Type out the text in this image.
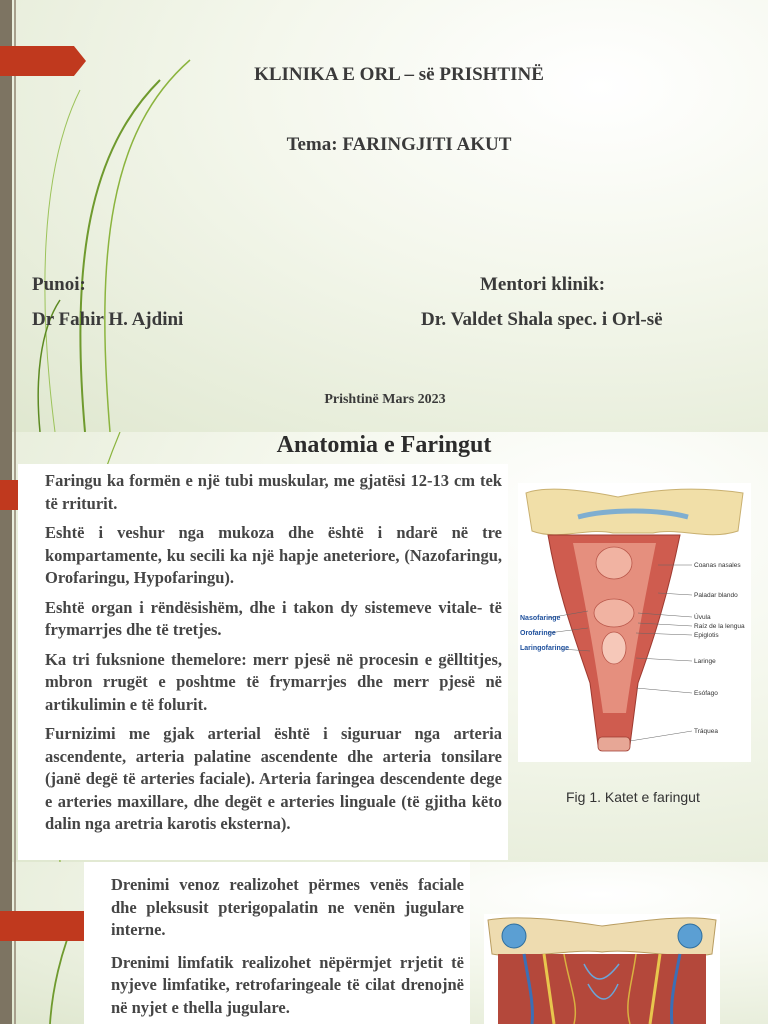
KLINIKA E ORL – së PRISHTINË
Tema: FARINGJITI AKUT
Punoi:
Dr Fahir H. Ajdini
Mentori klinik:
Dr. Valdet Shala spec. i Orl-së
Prishtinë Mars 2023
Anatomia e Faringut
Faringu ka formën e një tubi muskular, me gjatësi 12-13 cm tek të rriturit.
Eshtë i veshur nga mukoza dhe është i ndarë në tre kompartamente, ku secili ka një hapje aneteriore, (Nazofaringu, Orofaringu, Hypofaringu).
Eshtë organ i rëndësishëm, dhe i takon dy sistemeve vitale- të frymarrjes dhe të tretjes.
Ka tri fuksnione themelore: merr pjesë në procesin e gëlltitjes, mbron rrugët e poshtme të frymarrjes dhe merr pjesë në artikulimin e të folurit.
Furnizimi me gjak arterial është i siguruar nga arteria ascendente, arteria palatine ascendente dhe arteria tonsilare (janë degë të arteries faciale). Arteria faringea descendente dege e arteries maxillare, dhe degët e arteries linguale (të gjitha këto dalin nga aretria karotis eksterna).
Coanas nasales
Paladar blando
Úvula
Raíz de la lengua
Epiglotis
Laringe
Esófago
Tráquea
Nasofaringe
Orofaringe
Laringofaringe
Fig 1. Katet e faringut
Drenimi venoz realizohet përmes venës faciale dhe pleksusit pterigopalatin ne venën jugulare interne.
Drenimi limfatik realizohet nëpërmjet rrjetit të nyjeve limfatike, retrofaringeale të cilat drenojnë në nyjet e thella jugulare.
